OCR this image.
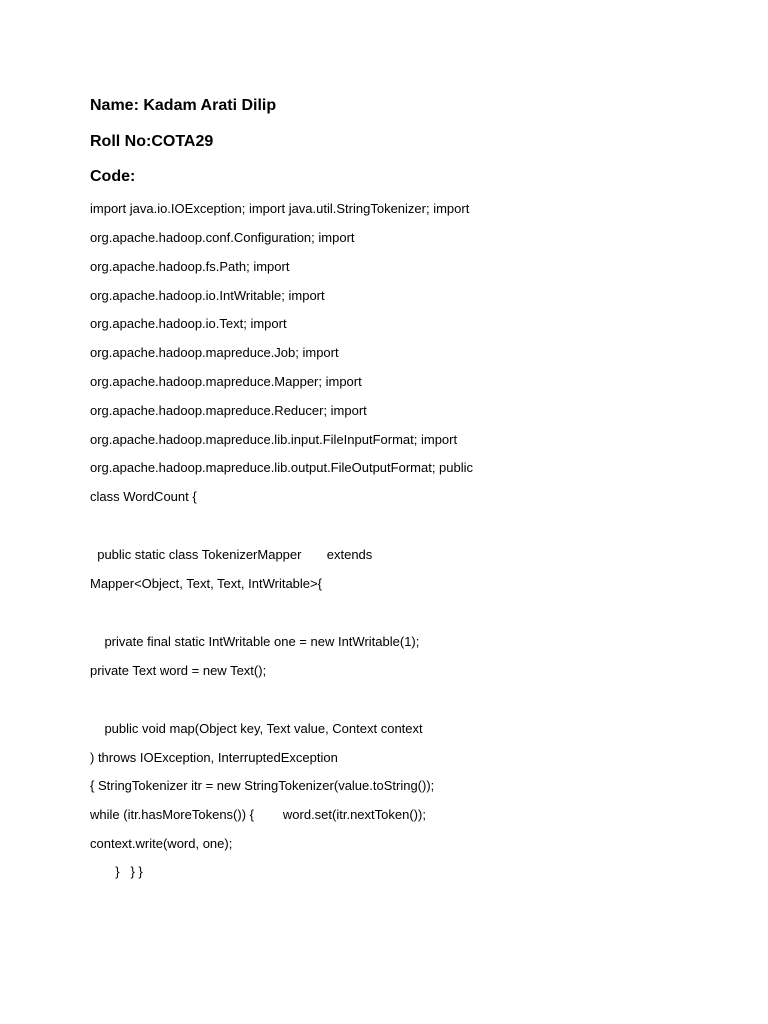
Name: Kadam Arati Dilip
Roll No:COTA29
Code:
import java.io.IOException; import java.util.StringTokenizer; import
org.apache.hadoop.conf.Configuration; import
org.apache.hadoop.fs.Path; import
org.apache.hadoop.io.IntWritable; import
org.apache.hadoop.io.Text; import
org.apache.hadoop.mapreduce.Job; import
org.apache.hadoop.mapreduce.Mapper; import
org.apache.hadoop.mapreduce.Reducer; import
org.apache.hadoop.mapreduce.lib.input.FileInputFormat; import
org.apache.hadoop.mapreduce.lib.output.FileOutputFormat; public
class WordCount {
public static class TokenizerMapper       extends
Mapper<Object, Text, Text, IntWritable>{
private final static IntWritable one = new IntWritable(1);
private Text word = new Text();
public void map(Object key, Text value, Context context
) throws IOException, InterruptedException
{ StringTokenizer itr = new StringTokenizer(value.toString());
while (itr.hasMoreTokens()) {        word.set(itr.nextToken());
context.write(word, one);
}   } }
